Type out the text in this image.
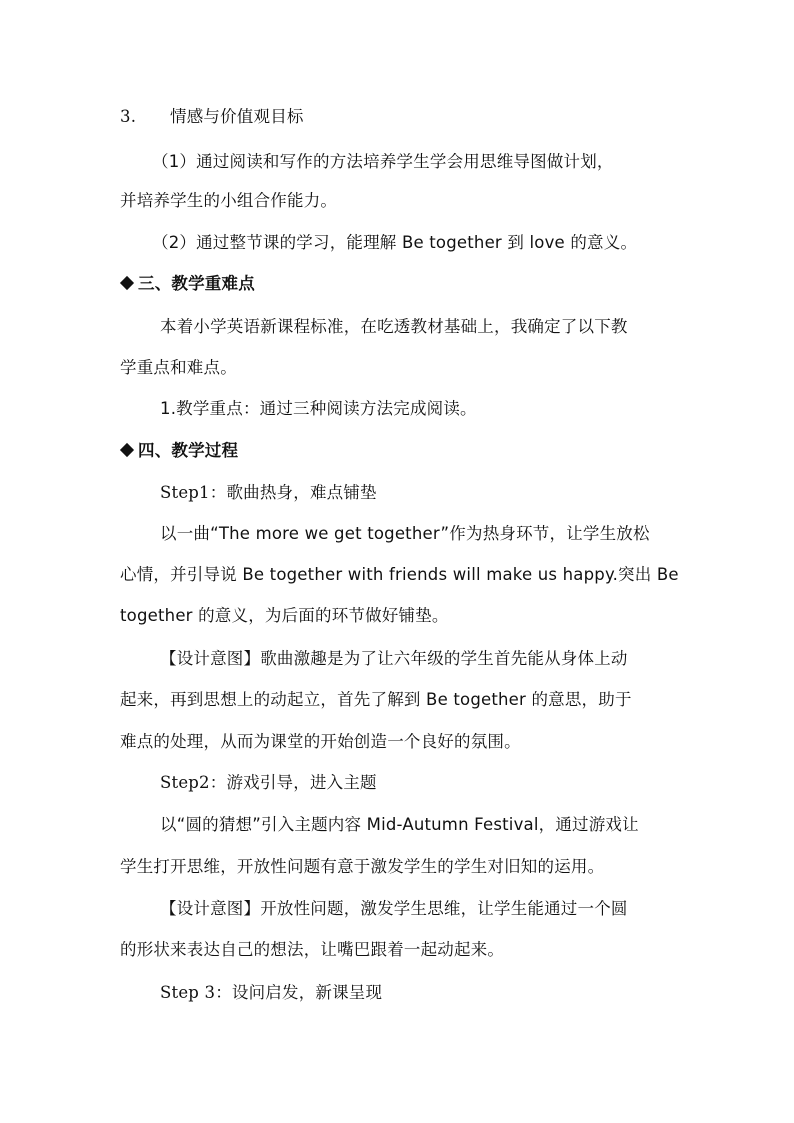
3. 情感与价值观目标
（1）通过阅读和写作的方法培养学生学会用思维导图做计划，
并培养学生的小组合作能力。
（2）通过整节课的学习，能理解 Be together 到 love 的意义。
三、教学重难点
本着小学英语新课程标准，在吃透教材基础上，我确定了以下教
学重点和难点。
1.教学重点：通过三种阅读方法完成阅读。
四、教学过程
Step1：歌曲热身，难点铺垫
以一曲“The more we get together”作为热身环节，让学生放松
心情，并引导说 Be together with friends will make us happy.突出 Be
together 的意义，为后面的环节做好铺垫。
【设计意图】歌曲激趣是为了让六年级的学生首先能从身体上动
起来，再到思想上的动起立，首先了解到 Be together 的意思，助于
难点的处理，从而为课堂的开始创造一个良好的氛围。
Step2：游戏引导，进入主题
以“圆的猜想”引入主题内容 Mid-Autumn Festival，通过游戏让
学生打开思维，开放性问题有意于激发学生的学生对旧知的运用。
【设计意图】开放性问题，激发学生思维，让学生能通过一个圆
的形状来表达自己的想法，让嘴巴跟着一起动起来。
Step 3：设问启发，新课呈现
